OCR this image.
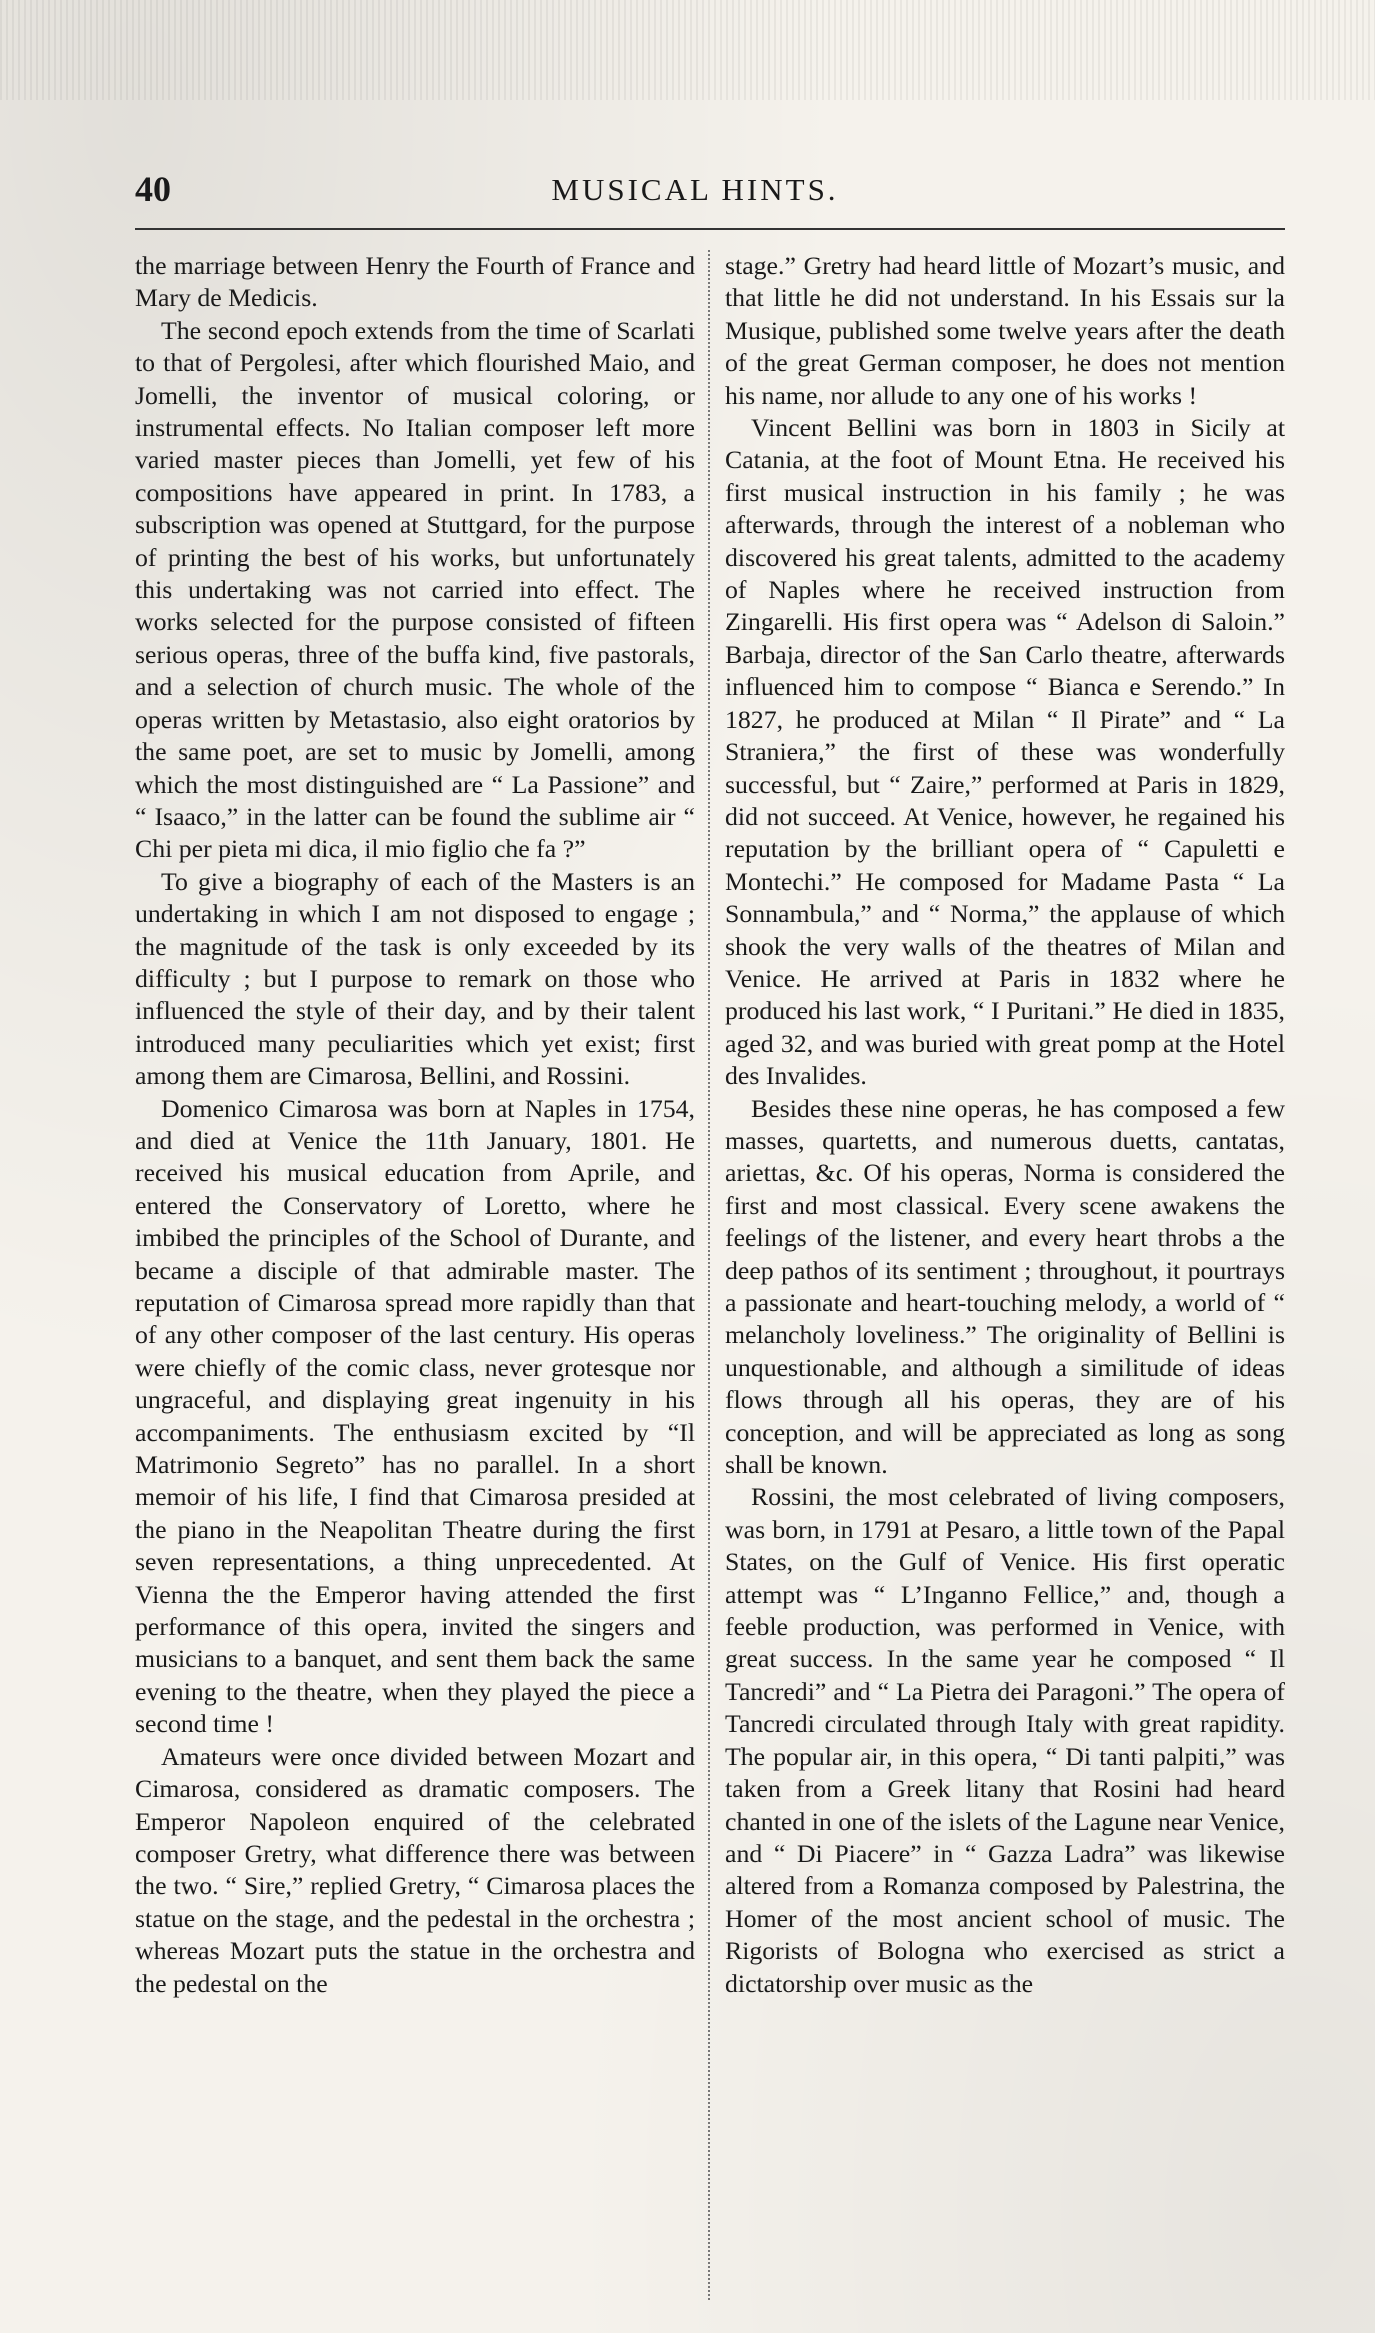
40	MUSICAL HINTS.

the marriage between Henry the Fourth of France and Mary de Medicis.

The second epoch extends from the time of Scarlati to that of Pergolesi, after which flourished Maio, and Jomelli, the inventor of musical coloring, or instrumental effects. No Italian composer left more varied master pieces than Jomelli, yet few of his compositions have appeared in print. In 1783, a subscription was opened at Stuttgard, for the purpose of printing the best of his works, but unfortunately this undertaking was not carried into effect. The works selected for the purpose consisted of fifteen serious operas, three of the buffa kind, five pastorals, and a selection of church music. The whole of the operas written by Metastasio, also eight oratorios by the same poet, are set to music by Jomelli, among which the most distinguished are “ La Passione” and “ Isaaco,” in the latter can be found the sublime air “ Chi per pieta mi dica, il mio figlio che fa ?”

To give a biography of each of the Masters is an undertaking in which I am not disposed to engage ; the magnitude of the task is only exceeded by its difficulty ; but I purpose to remark on those who influenced the style of their day, and by their talent introduced many peculiarities which yet exist; first among them are Cimarosa, Bellini, and Rossini.

Domenico Cimarosa was born at Naples in 1754, and died at Venice the 11th January, 1801. He received his musical education from Aprile, and entered the Conservatory of Loretto, where he imbibed the principles of the School of Durante, and became a disciple of that admirable master. The reputation of Cimarosa spread more rapidly than that of any other composer of the last century. His operas were chiefly of the comic class, never grotesque nor ungraceful, and displaying great ingenuity in his accompaniments. The enthusiasm excited by “Il Matrimonio Segreto” has no parallel. In a short memoir of his life, I find that Cimarosa presided at the piano in the Neapolitan Theatre during the first seven representations, a thing unprecedented. At Vienna the the Emperor having attended the first performance of this opera, invited the singers and musicians to a banquet, and sent them back the same evening to the theatre, when they played the piece a second time !

Amateurs were once divided between Mozart and Cimarosa, considered as dramatic composers. The Emperor Napoleon enquired of the celebrated composer Gretry, what difference there was between the two. “ Sire,” replied Gretry, “ Cimarosa places the statue on the stage, and the pedestal in the orchestra ; whereas Mozart puts the statue in the orchestra and the pedestal on the

stage.” Gretry had heard little of Mozart’s music, and that little he did not understand. In his Essais sur la Musique, published some twelve years after the death of the great German composer, he does not mention his name, nor allude to any one of his works !

Vincent Bellini was born in 1803 in Sicily at Catania, at the foot of Mount Etna. He received his first musical instruction in his family ; he was afterwards, through the interest of a nobleman who discovered his great talents, admitted to the academy of Naples where he received instruction from Zingarelli. His first opera was “ Adelson di Saloin.” Barbaja, director of the San Carlo theatre, afterwards influenced him to compose “ Bianca e Serendo.” In 1827, he produced at Milan “ Il Pirate” and “ La Straniera,” the first of these was wonderfully successful, but “ Zaire,” performed at Paris in 1829, did not succeed. At Venice, however, he regained his reputation by the brilliant opera of “ Capuletti e Montechi.” He composed for Madame Pasta “ La Sonnambula,” and “ Norma,” the applause of which shook the very walls of the theatres of Milan and Venice. He arrived at Paris in 1832 where he produced his last work, “ I Puritani.” He died in 1835, aged 32, and was buried with great pomp at the Hotel des Invalides.

Besides these nine operas, he has composed a few masses, quartetts, and numerous duetts, cantatas, ariettas, &c. Of his operas, Norma is considered the first and most classical. Every scene awakens the feelings of the listener, and every heart throbs a the deep pathos of its sentiment ; throughout, it pourtrays a passionate and heart-touching melody, a world of “ melancholy loveliness.” The originality of Bellini is unquestionable, and although a similitude of ideas flows through all his operas, they are of his conception, and will be appreciated as long as song shall be known.

Rossini, the most celebrated of living composers, was born, in 1791 at Pesaro, a little town of the Papal States, on the Gulf of Venice. His first operatic attempt was “ L’Inganno Fellice,” and, though a feeble production, was performed in Venice, with great success. In the same year he composed “ Il Tancredi” and “ La Pietra dei Paragoni.” The opera of Tancredi circulated through Italy with great rapidity. The popular air, in this opera, “ Di tanti palpiti,” was taken from a Greek litany that Rosini had heard chanted in one of the islets of the Lagune near Venice, and “ Di Piacere” in “ Gazza Ladra” was likewise altered from a Romanza composed by Palestrina, the Homer of the most ancient school of music. The Rigorists of Bologna who exercised as strict a dictatorship over music as the
